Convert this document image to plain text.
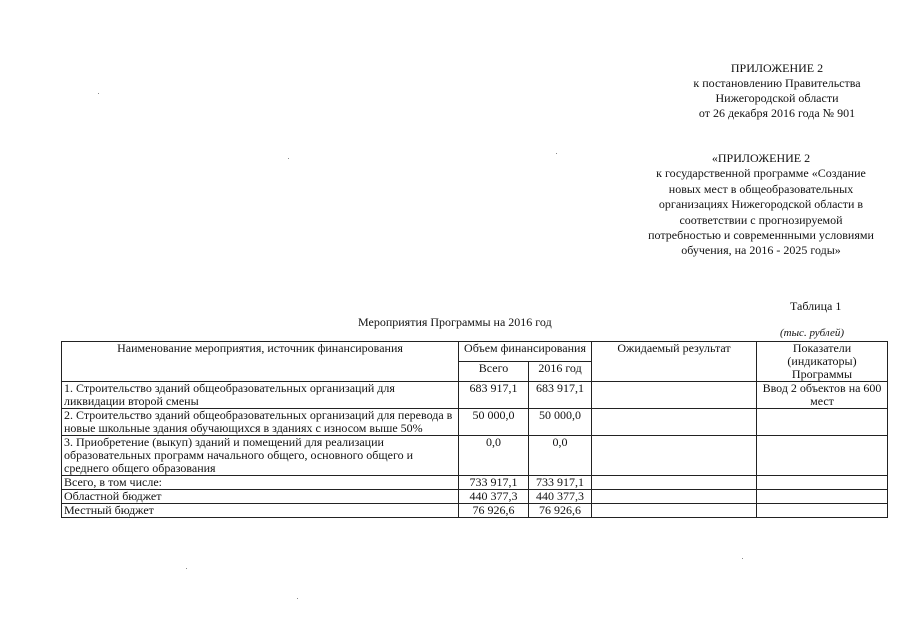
ПРИЛОЖЕНИЕ 2
к постановлению Правительства
Нижегородской области
от 26 декабря 2016 года № 901
«ПРИЛОЖЕНИЕ 2
к государственной программе «Создание
новых мест в общеобразовательных
организациях Нижегородской области в
соответствии с прогнозируемой
потребностью и современнными условиями
обучения, на 2016 - 2025 годы»
Таблица 1
Мероприятия Программы на 2016 год
(тыс. рублей)
Наименование мероприятия, источник финансирования	Объем финансирования		Ожидаемый результат	Показатели (индикаторы) Программы
	Всего	2016 год		
1. Строительство зданий общеобразовательных организаций для ликвидации второй смены	683 917,1	683 917,1		Ввод 2 объектов на 600 мест
2. Строительство зданий общеобразовательных организаций для перевода в новые школьные здания обучающихся в зданиях с износом выше 50%	50 000,0	50 000,0		
3. Приобретение (выкуп) зданий и помещений для реализации образовательных программ начального общего, основного общего и среднего общего образования	0,0	0,0		
Всего, в том числе:	733 917,1	733 917,1		
Областной бюджет	440 377,3	440 377,3		
Местный бюджет	76 926,6	76 926,6		
